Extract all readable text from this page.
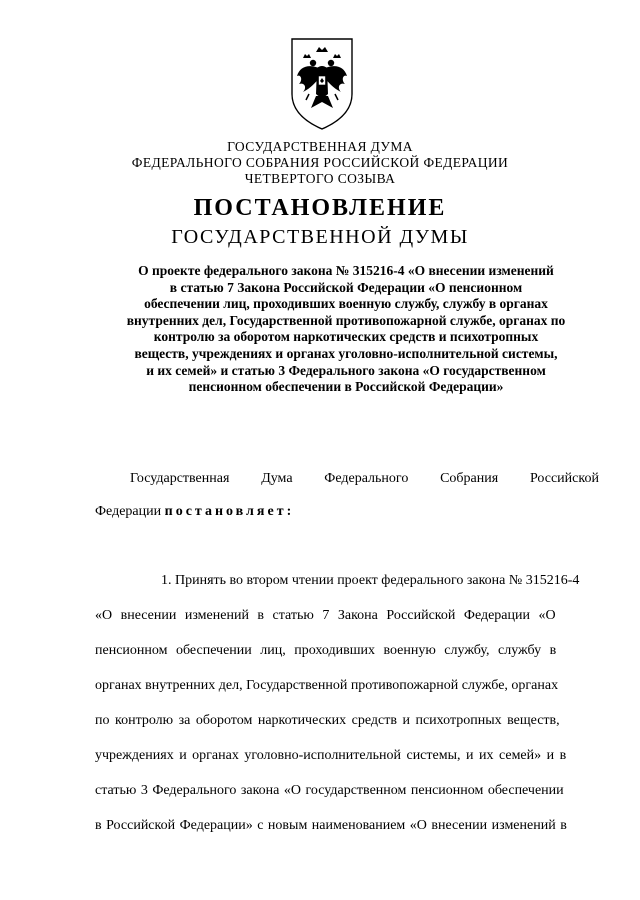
ГОСУДАРСТВЕННАЯ ДУМА
ФЕДЕРАЛЬНОГО СОБРАНИЯ РОССИЙСКОЙ ФЕДЕРАЦИИ
ЧЕТВЕРТОГО СОЗЫВА
ПОСТАНОВЛЕНИЕ
ГОСУДАРСТВЕННОЙ ДУМЫ
О проекте федерального закона № 315216-4 «О внесении изменений
в статью 7 Закона Российской Федерации «О пенсионном
обеспечении лиц, проходивших военную службу, службу в органах
внутренних дел, Государственной противопожарной службе, органах по
контролю за оборотом наркотических средств и психотропных
веществ, учреждениях и органах уголовно-исполнительной системы,
и их семей» и статью 3 Федерального закона «О государственном
пенсионном обеспечении в Российской Федерации»
Государственная Дума Федерального Собрания Российской
Федерации постановляет:
1. Принять во втором чтении проект федерального закона № 315216-4
«О внесении изменений в статью 7 Закона Российской Федерации «О
пенсионном обеспечении лиц, проходивших военную службу, службу в
органах внутренних дел, Государственной противопожарной службе, органах
по контролю за оборотом наркотических средств и психотропных веществ,
учреждениях и органах уголовно-исполнительной системы, и их семей» и в
статью 3 Федерального закона «О государственном пенсионном обеспечении
в Российской Федерации» с новым наименованием «О внесении изменений в
